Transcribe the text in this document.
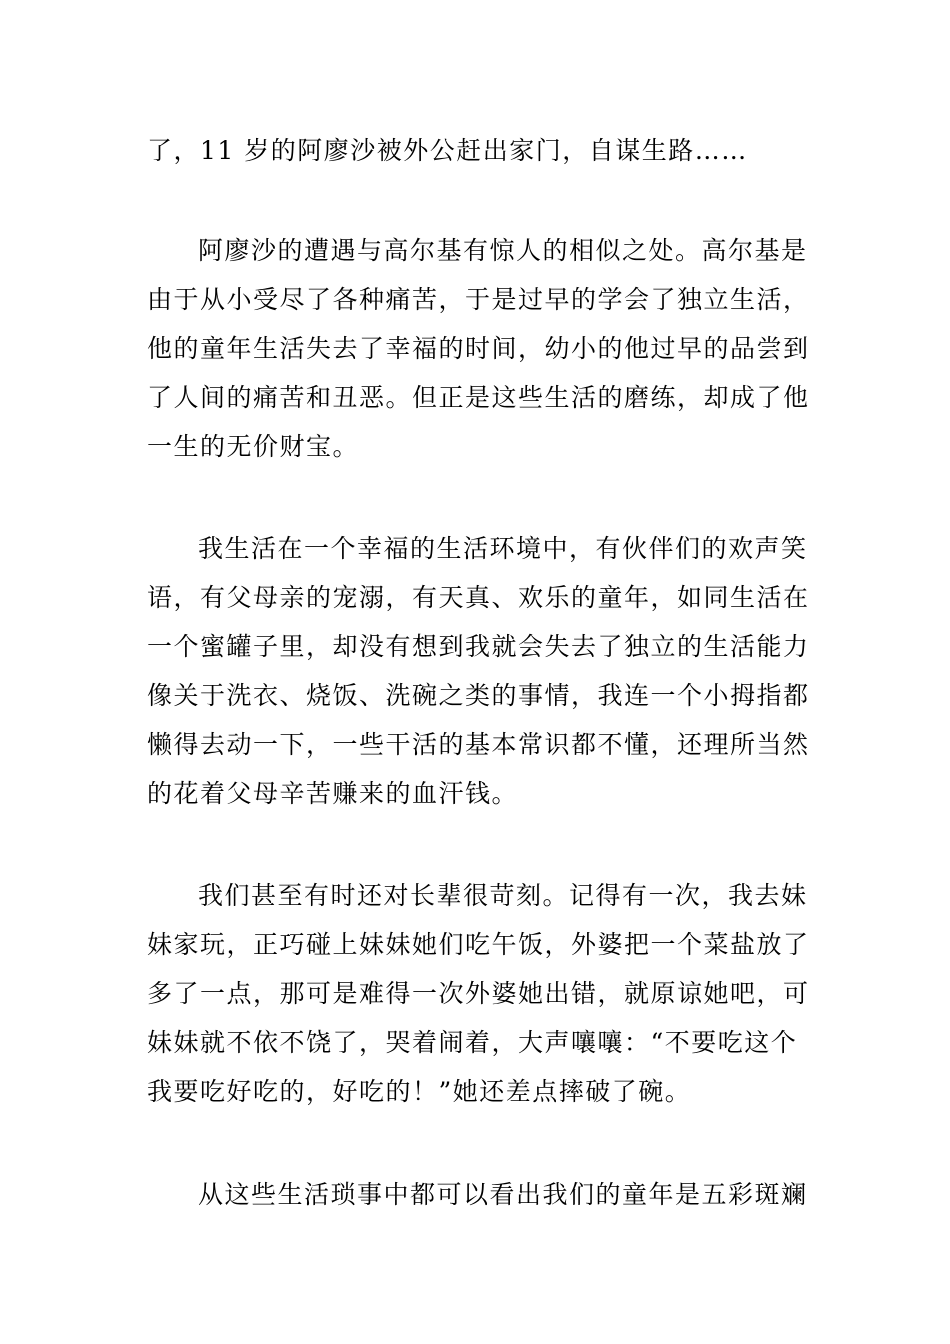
了，11 岁的阿廖沙被外公赶出家门，自谋生路……
阿廖沙的遭遇与高尔基有惊人的相似之处。高尔基是
由于从小受尽了各种痛苦，于是过早的学会了独立生活，
他的童年生活失去了幸福的时间，幼小的他过早的品尝到
了人间的痛苦和丑恶。但正是这些生活的磨练，却成了他
一生的无价财宝。
我生活在一个幸福的生活环境中，有伙伴们的欢声笑
语，有父母亲的宠溺，有天真、欢乐的童年，如同生活在
一个蜜罐子里，却没有想到我就会失去了独立的生活能力
像关于洗衣、烧饭、洗碗之类的事情，我连一个小拇指都
懒得去动一下，一些干活的基本常识都不懂，还理所当然
的花着父母辛苦赚来的血汗钱。
我们甚至有时还对长辈很苛刻。记得有一次，我去妹
妹家玩，正巧碰上妹妹她们吃午饭，外婆把一个菜盐放了
多了一点，那可是难得一次外婆她出错，就原谅她吧，可
妹妹就不依不饶了，哭着闹着，大声嚷嚷：“不要吃这个
我要吃好吃的，好吃的！”她还差点摔破了碗。
从这些生活琐事中都可以看出我们的童年是五彩斑斓
